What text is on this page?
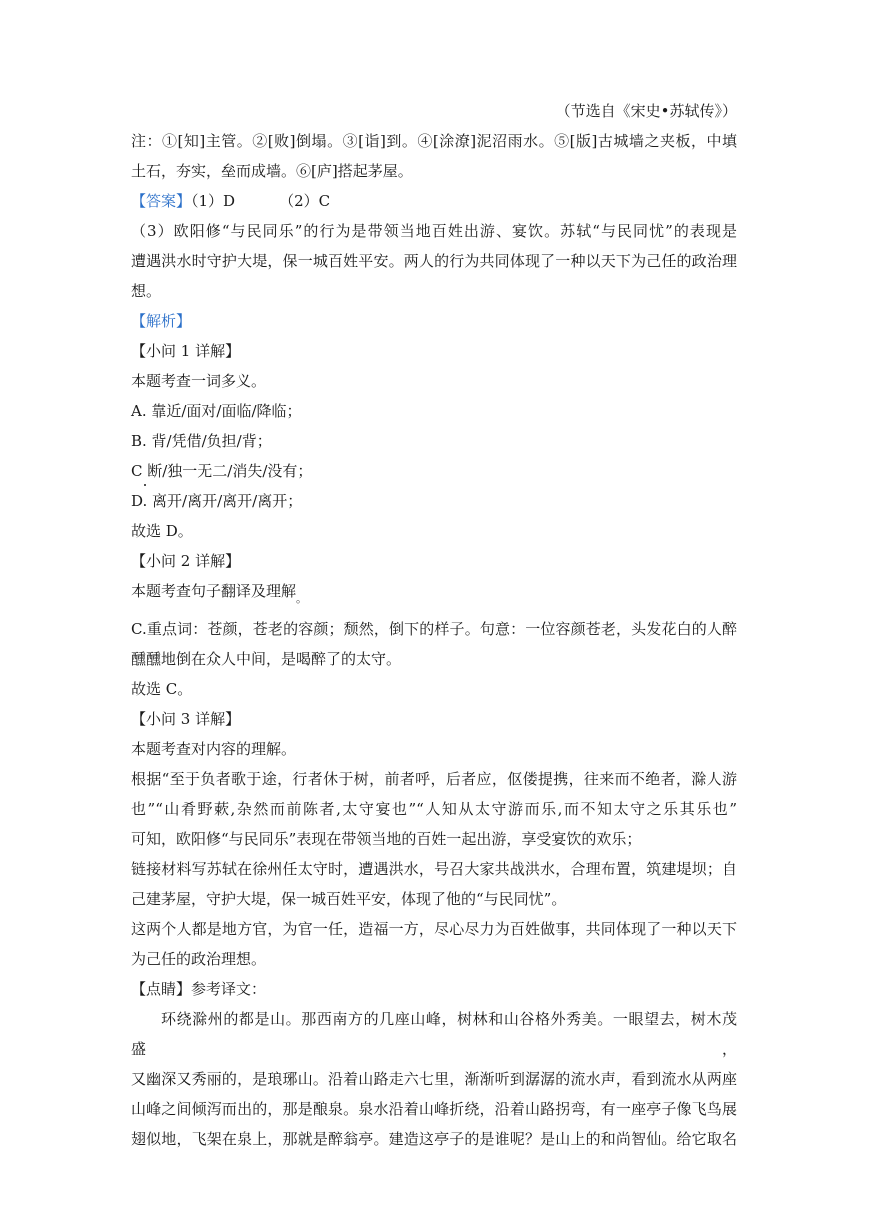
（节选自《宋史•苏轼传》）
注：①[知]主管。②[败]倒塌。③[诣]到。④[涂潦]泥沼雨水。⑤[版]古城墙之夹板，中填
土石，夯实，垒而成墙。⑥[庐]搭起茅屋。
【答案】（1）D	（2）C
（3）欧阳修“与民同乐”的行为是带领当地百姓出游、宴饮。苏轼“与民同忧”的表现是
遭遇洪水时守护大堤，保一城百姓平安。两人的行为共同体现了一种以天下为己任的政治理
想。
【解析】
【小问 1 详解】
本题考查一词多义。
A. 靠近/面对/面临/降临；
B. 背/凭借/负担/背；
C 断/独一无二/消失/没有；
D. 离开/离开/离开/离开；
故选 D。
【小问 2 详解】
本题考查句子翻译及理解$_。$
C.重点词：苍颜，苍老的容颜；颓然，倒下的样子。句意：一位容颜苍老，头发花白的人醉
醺醺地倒在众人中间，是喝醉了的太守。
故选 C。
【小问 3 详解】
本题考查对内容的理解。
根据“至于负者歌于途，行者休于树，前者呼，后者应，伛偻提携，往来而不绝者，滁人游
也”“山肴野蔌,杂然而前陈者,太守宴也”“人知从太守游而乐,而不知太守之乐其乐也”
可知，欧阳修“与民同乐”表现在带领当地的百姓一起出游，享受宴饮的欢乐；
链接材料写苏轼在徐州任太守时，遭遇洪水，号召大家共战洪水，合理布置，筑建堤坝；自
己建茅屋，守护大堤，保一城百姓平安，体现了他的“与民同忧”。
这两个人都是地方官，为官一任，造福一方，尽心尽力为百姓做事，共同体现了一种以天下
为己任的政治理想。
【点睛】参考译文：
环绕滁州的都是山。那西南方的几座山峰，树林和山谷格外秀美。一眼望去，树木茂盛，
又幽深又秀丽的，是琅琊山。沿着山路走六七里，渐渐听到潺潺的流水声，看到流水从两座
山峰之间倾泻而出的，那是酿泉。泉水沿着山峰折绕，沿着山路拐弯，有一座亭子像飞鸟展
翅似地，飞架在泉上，那就是醉翁亭。建造这亭子的是谁呢？是山上的和尚智仙。给它取名
